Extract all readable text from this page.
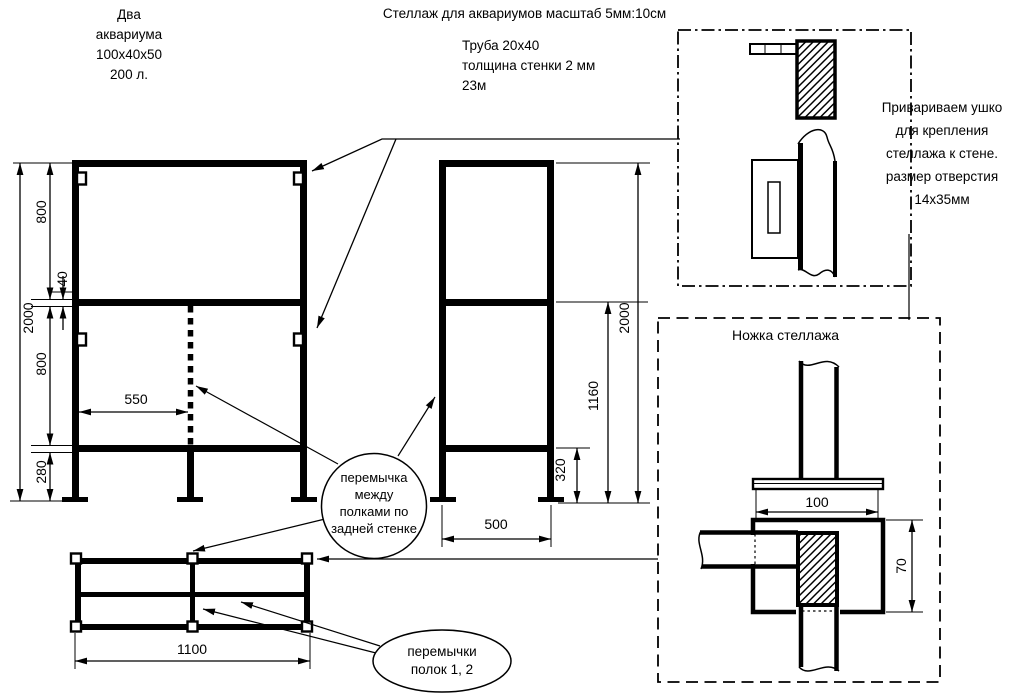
Два
аквариума
100х40х50
200 л.
Стеллаж для аквариумов масштаб 5мм:10см
Труба 20х40
толщина стенки 2 мм
23м
Привариваем ушко
для крепления
стеллажа к стене.
размер отверстия
14х35мм
Ножка стеллажа
перемычка
между
полками по
задней стенке
перемычки
полок 1, 2
2000
800
40
800
280
550
2000
1160
320
500
1100
100
70
